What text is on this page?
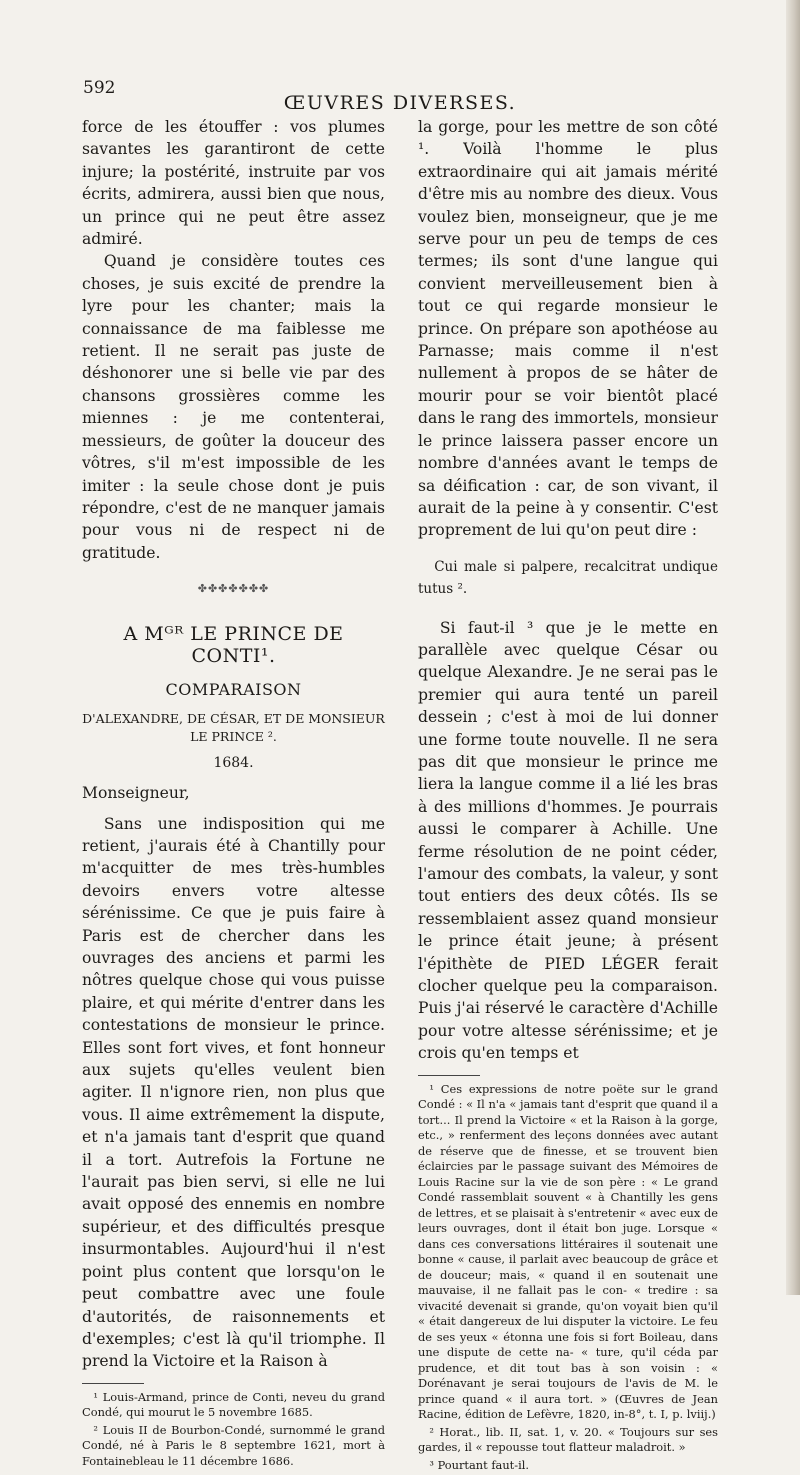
592
ŒUVRES DIVERSES.

force de les étouffer : vos plumes savantes les garantiront de cette injure; la postérité, instruite par vos écrits, admirera, aussi bien que nous, un prince qui ne peut être assez admiré.

Quand je considère toutes ces choses, je suis excité de prendre la lyre pour les chanter; mais la connaissance de ma faiblesse me retient. Il ne serait pas juste de déshonorer une si belle vie par des chansons grossières comme les miennes : je me contenterai, messieurs, de goûter la douceur des vôtres, s'il m'est impossible de les imiter : la seule chose dont je puis répondre, c'est de ne manquer jamais pour vous ni de respect ni de gratitude.

✤✤✤✤✤✤✤
A Mᴳᴿ LE PRINCE DE CONTI¹.
COMPARAISON
D'ALEXANDRE, DE CÉSAR, ET DE MONSIEUR LE PRINCE ².
1684.
Monseigneur,

Sans une indisposition qui me retient, j'aurais été à Chantilly pour m'acquitter de mes très-humbles devoirs envers votre altesse sérénissime. Ce que je puis faire à Paris est de chercher dans les ouvrages des anciens et parmi les nôtres quelque chose qui vous puisse plaire, et qui mérite d'entrer dans les contestations de monsieur le prince. Elles sont fort vives, et font honneur aux sujets qu'elles veulent bien agiter. Il n'ignore rien, non plus que vous. Il aime extrêmement la dispute, et n'a jamais tant d'esprit que quand il a tort. Autrefois la Fortune ne l'aurait pas bien servi, si elle ne lui avait opposé des ennemis en nombre supérieur, et des difficultés presque insurmontables. Aujourd'hui il n'est point plus content que lorsqu'on le peut combattre avec une foule d'autorités, de raisonnements et d'exemples; c'est là qu'il triomphe. Il prend la Victoire et la Raison à

¹ Louis-Armand, prince de Conti, neveu du grand Condé, qui mourut le 5 novembre 1685.

² Louis II de Bourbon-Condé, surnommé le grand Condé, né à Paris le 8 septembre 1621, mort à Fontainebleau le 11 décembre 1686.

la gorge, pour les mettre de son côté ¹. Voilà l'homme le plus extraordinaire qui ait jamais mérité d'être mis au nombre des dieux. Vous voulez bien, monseigneur, que je me serve pour un peu de temps de ces termes; ils sont d'une langue qui convient merveilleusement bien à tout ce qui regarde monsieur le prince. On prépare son apothéose au Parnasse; mais comme il n'est nullement à propos de se hâter de mourir pour se voir bientôt placé dans le rang des immortels, monsieur le prince laissera passer encore un nombre d'années avant le temps de sa déification : car, de son vivant, il aurait de la peine à y consentir. C'est proprement de lui qu'on peut dire :

Cui male si palpere, recalcitrat undique tutus ².

Si faut-il ³ que je le mette en parallèle avec quelque César ou quelque Alexandre. Je ne serai pas le premier qui aura tenté un pareil dessein ; c'est à moi de lui donner une forme toute nouvelle. Il ne sera pas dit que monsieur le prince me liera la langue comme il a lié les bras à des millions d'hommes. Je pourrais aussi le comparer à Achille. Une ferme résolution de ne point céder, l'amour des combats, la valeur, y sont tout entiers des deux côtés. Ils se ressemblaient assez quand monsieur le prince était jeune; à présent l'épithète de PIED LÉGER ferait clocher quelque peu la comparaison. Puis j'ai réservé le caractère d'Achille pour votre altesse sérénissime; et je crois qu'en temps et

¹ Ces expressions de notre poëte sur le grand Condé : « Il n'a « jamais tant d'esprit que quand il a tort... Il prend la Victoire « et la Raison à la gorge, etc., » renferment des leçons données avec autant de réserve que de finesse, et se trouvent bien éclaircies par le passage suivant des Mémoires de Louis Racine sur la vie de son père : « Le grand Condé rassemblait souvent « à Chantilly les gens de lettres, et se plaisait à s'entretenir « avec eux de leurs ouvrages, dont il était bon juge. Lorsque « dans ces conversations littéraires il soutenait une bonne « cause, il parlait avec beaucoup de grâce et de douceur; mais, « quand il en soutenait une mauvaise, il ne fallait pas le con- « tredire : sa vivacité devenait si grande, qu'on voyait bien qu'il « était dangereux de lui disputer la victoire. Le feu de ses yeux « étonna une fois si fort Boileau, dans une dispute de cette na- « ture, qu'il céda par prudence, et dit tout bas à son voisin : « Dorénavant je serai toujours de l'avis de M. le prince quand « il aura tort. » (Œuvres de Jean Racine, édition de Lefèvre, 1820, in-8°, t. I, p. lviij.)

² Horat., lib. II, sat. 1, v. 20. « Toujours sur ses gardes, il « repousse tout flatteur maladroit. »

³ Pourtant faut-il.
